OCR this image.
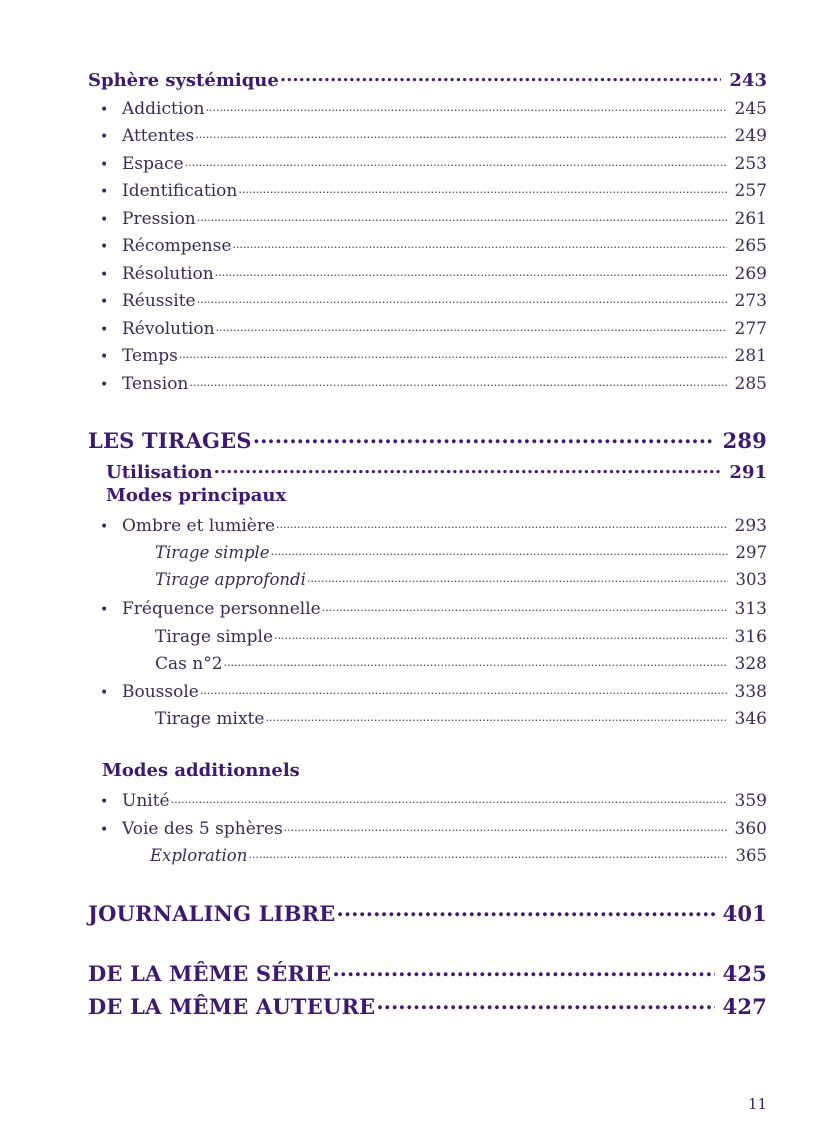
Sphère systémique .....	243
• Addiction .....	245
• Attentes .....	249
• Espace .....	253
• Identification .....	257
• Pression .....	261
• Récompense .....	265
• Résolution .....	269
• Réussite .....	273
• Révolution .....	277
• Temps .....	281
• Tension .....	285
LES TIRAGES .....	289
Utilisation .....	291
Modes principaux
• Ombre et lumière .....	293
Tirage simple .....	297
Tirage approfondi .....	303
• Fréquence personnelle .....	313
Tirage simple .....	316
Cas n°2 .....	328
• Boussole .....	338
Tirage mixte .....	346
Modes additionnels
• Unité .....	359
• Voie des 5 sphères .....	360
Exploration .....	365
JOURNALING LIBRE .....	401
DE LA MÊME SÉRIE .....	425
DE LA MÊME AUTEURE .....	427
11
